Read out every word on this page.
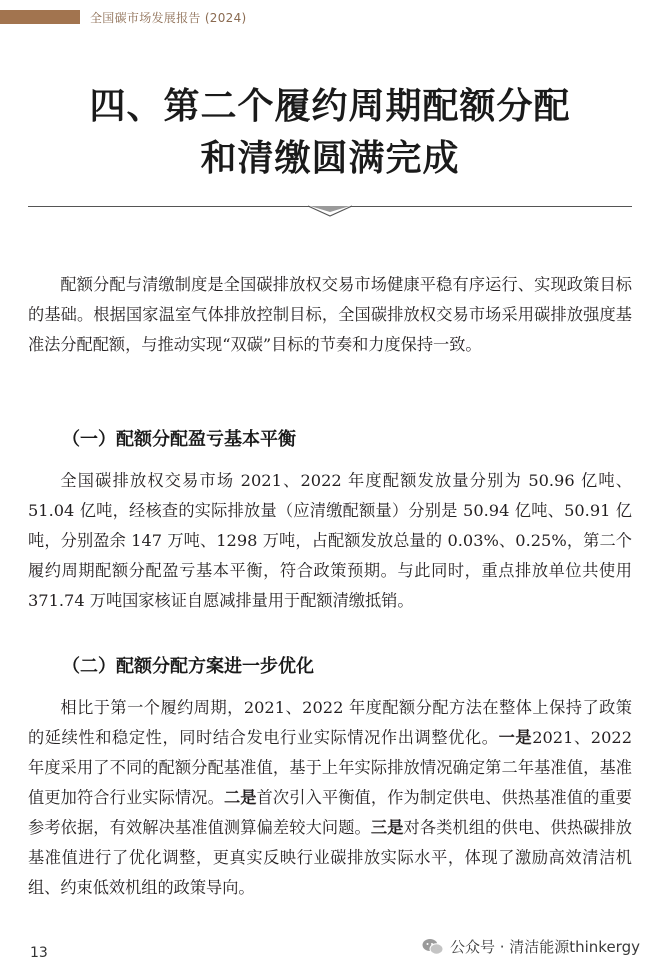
全国碳市场发展报告 (2024)
四、第二个履约周期配额分配
和清缴圆满完成

配额分配与清缴制度是全国碳排放权交易市场健康平稳有序运行、实现政策目标的基础。根据国家温室气体排放控制目标，全国碳排放权交易市场采用碳排放强度基准法分配配额，与推动实现“双碳”目标的节奏和力度保持一致。

（一）配额分配盈亏基本平衡

全国碳排放权交易市场 2021、2022 年度配额发放量分别为 50.96 亿吨、51.04 亿吨，经核查的实际排放量（应清缴配额量）分别是 50.94 亿吨、50.91 亿吨，分别盈余 147 万吨、1298 万吨，占配额发放总量的 0.03%、0.25%，第二个履约周期配额分配盈亏基本平衡，符合政策预期。与此同时，重点排放单位共使用 371.74 万吨国家核证自愿减排量用于配额清缴抵销。

（二）配额分配方案进一步优化

相比于第一个履约周期，2021、2022 年度配额分配方法在整体上保持了政策的延续性和稳定性，同时结合发电行业实际情况作出调整优化。一是2021、2022 年度采用了不同的配额分配基准值，基于上年实际排放情况确定第二年基准值，基准值更加符合行业实际情况。二是首次引入平衡值，作为制定供电、供热基准值的重要参考依据，有效解决基准值测算偏差较大问题。三是对各类机组的供电、供热碳排放基准值进行了优化调整，更真实反映行业碳排放实际水平，体现了激励高效清洁机组、约束低效机组的政策导向。

13	公众号 · 清洁能源thinkergy
